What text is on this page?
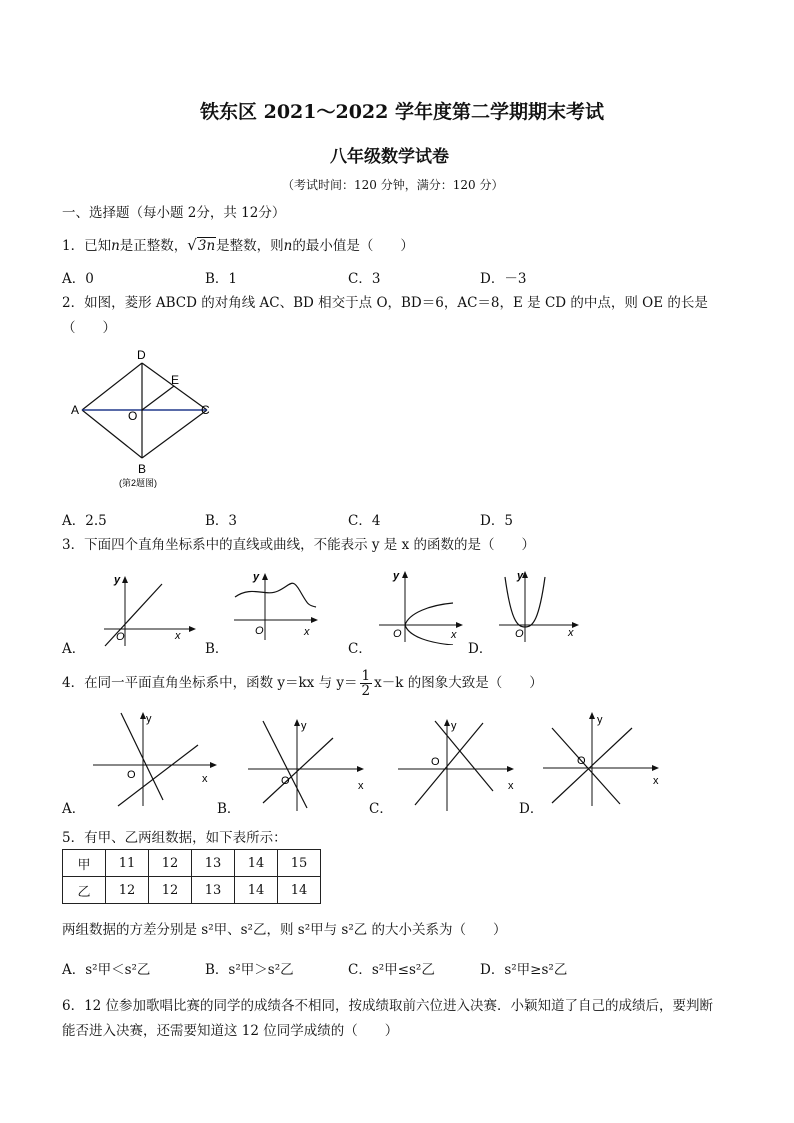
铁东区 2021～2022 学年度第二学期期末考试
八年级数学试卷
（考试时间：120 分钟，满分：120 分）
一、选择题（每小题 2分，共 12分）
1．已知n是正整数，√3n是整数，则n的最小值是（　　）
A．0	B．1	C．3	D．－3
2．如图，菱形 ABCD 的对角线 AC、BD 相交于点 O，BD＝6，AC＝8，E 是 CD 的中点，则 OE 的长是
（　　）
D
E
A	O	C
B
(第2题图)
A．2.5	B．3	C．4	D．5
3．下面四个直角坐标系中的直线或曲线，不能表示 y 是 x 的函数的是（　　）
y
x
O
y
x
O
y
x
O
y
x
O
A．	B．	C．	D．
4．在同一平面直角坐标系中，函数 y＝kx 与 $y= \frac{1}{2} x-k$ 的图象大致是（　　）
y
x
O
y
x
O
y
x
O
y
x
O
A．	B．	C．	D．
5．有甲、乙两组数据，如下表所示：
甲	11	12	13	14	15
乙	12	12	13	14	14
两组数据的方差分别是 s²甲、s²乙，则 s²甲与 s²乙 的大小关系为（　　）
A．s²甲＜s²乙	B．s²甲＞s²乙	C．s²甲≤s²乙	D．s²甲≥s²乙
6．12 位参加歌唱比赛的同学的成绩各不相同，按成绩取前六位进入决赛．小颖知道了自己的成绩后，要判断
能否进入决赛，还需要知道这 12 位同学成绩的（　　）
